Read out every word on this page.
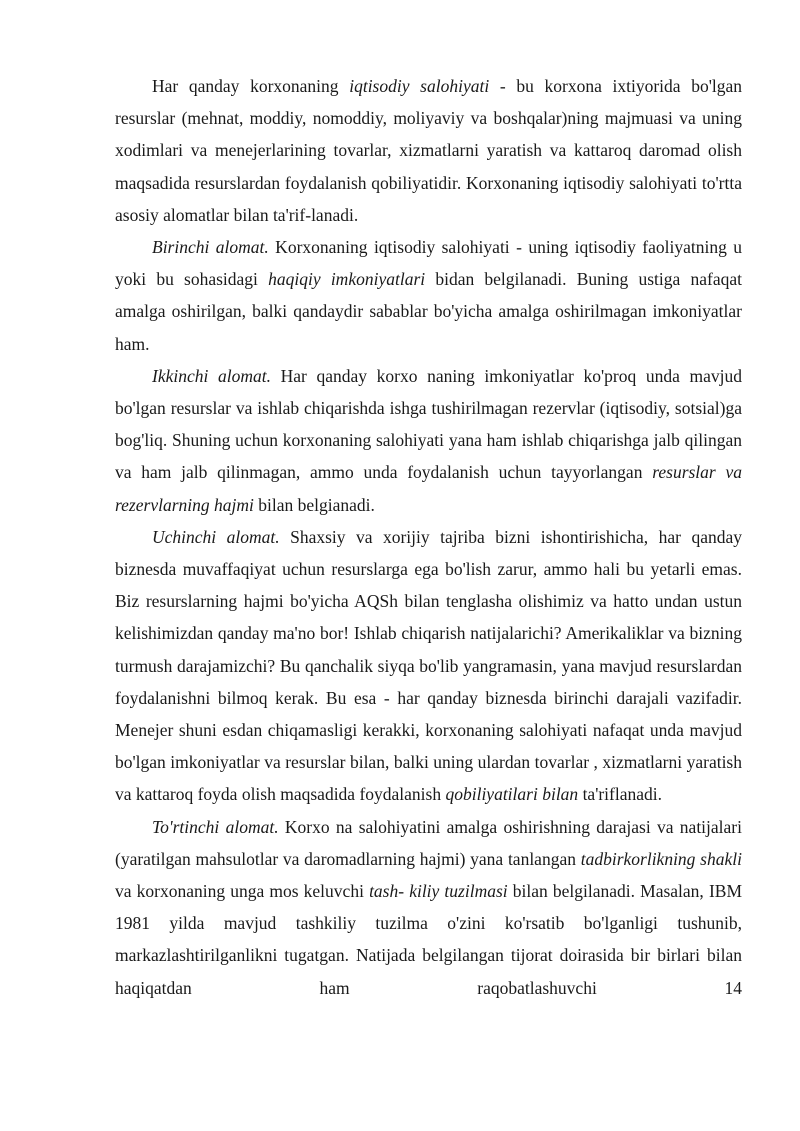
Har qanday korxonaning iqtisodiy salohiyati - bu korxona ixtiyorida bo'lgan resurslar (mehnat, moddiy, nomoddiy, moliyaviy va boshqalar)ning majmuasi va uning xodimlari va menejerlarining tovarlar, xizmatlarni yaratish va kattaroq daromad olish maqsadida resurslardan foydalanish qobiliyatidir. Korxonaning iqtisodiy salohiyati to'rtta asosiy alomatlar bilan ta'rif-lanadi.

Birinchi alomat. Korxonaning iqtisodiy salohiyati - uning iqtisodiy faoliyatning u yoki bu sohasidagi haqiqiy imkoniyatlari bidan belgilanadi. Buning ustiga nafaqat amalga oshirilgan, balki qandaydir sabablar bo'yicha amalga oshirilmagan imkoniyatlar ham.

Ikkinchi alomat. Har qanday korxo naning imkoniyatlar ko'proq unda mavjud bo'lgan resurslar va ishlab chiqarishda ishga tushirilmagan rezervlar (iqtisodiy, sotsial)ga bog'liq. Shuning uchun korxonaning salohiyati yana ham ishlab chiqarishga jalb qilingan va ham jalb qilinmagan, ammo unda foydalanish uchun tayyorlangan resurslar va rezervlarning hajmi bilan belgianadi.

Uchinchi alomat. Shaxsiy va xorijiy tajriba bizni ishontirishicha, har qanday biznesda muvaffaqiyat uchun resurslarga ega bo'lish zarur, ammo hali bu yetarli emas. Biz resurslarning hajmi bo'yicha AQSh bilan tenglasha olishimiz va hatto undan ustun kelishimizdan qanday ma'no bor! Ishlab chiqarish natijalarichi? Amerikaliklar va bizning turmush darajamizchi? Bu qanchalik siyqa bo'lib yangramasin, yana mavjud resurslardan foydalanishni bilmoq kerak. Bu esa - har qanday biznesda birinchi darajali vazifadir. Menejer shuni esdan chiqamasligi kerakki, korxonaning salohiyati nafaqat unda mavjud bo'lgan imkoniyatlar va resurslar bilan, balki uning ulardan tovarlar , xizmatlarni yaratish va kattaroq foyda olish maqsadida foydalanish qobiliyatilari bilan ta'riflanadi.

To'rtinchi alomat. Korxo na salohiyatini amalga oshirishning darajasi va natijalari (yaratilgan mahsulotlar va daromadlarning hajmi) yana tanlangan tadbirkorlikning shakli va korxonaning unga mos keluvchi tash- kiliy tuzilmasi bilan belgilanadi. Masalan, IBM 1981 yilda mavjud tashkiliy tuzilma o'zini ko'rsatib bo'lganligi tushunib, markazlashtirilganlikni tugatgan. Natijada belgilangan tijorat doirasida bir birlari bilan haqiqatdan ham raqobatlashuvchi 14
